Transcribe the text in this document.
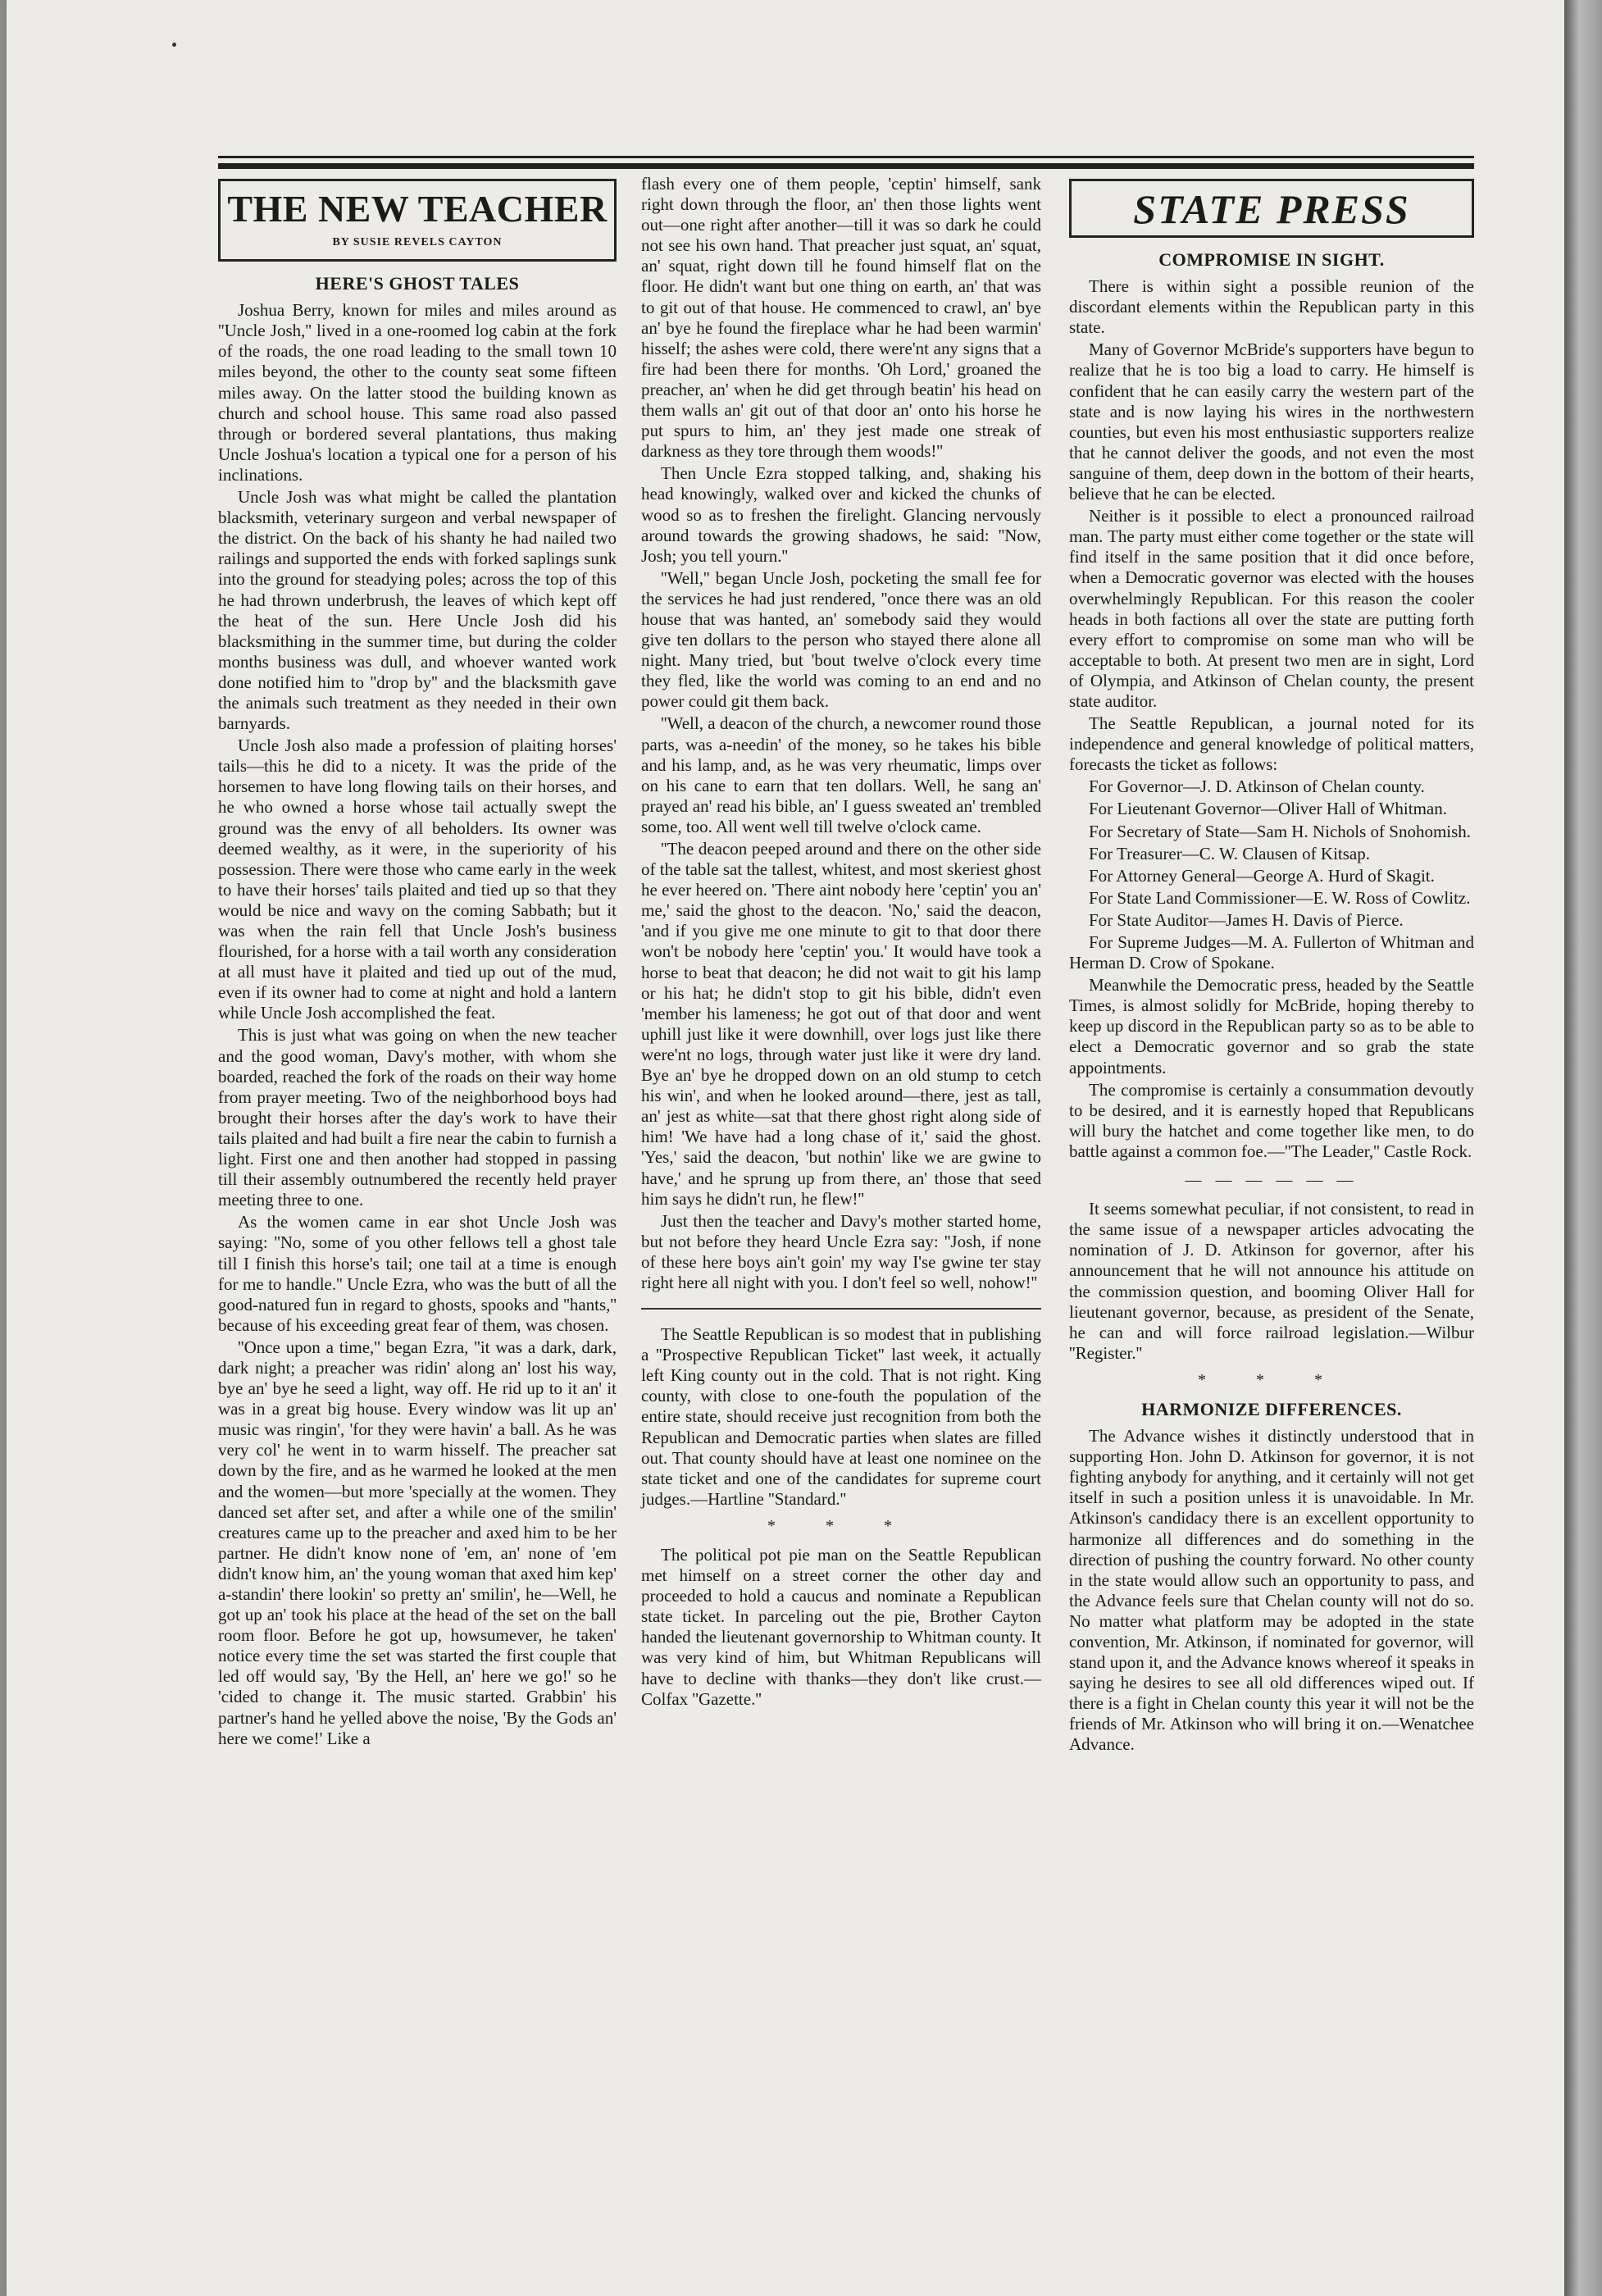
THE NEW TEACHER
BY SUSIE REVELS CAYTON
HERE'S GHOST TALES

Joshua Berry, known for miles and miles around as ''Uncle Josh,'' lived in a one-roomed log cabin at the fork of the roads, the one road leading to the small town 10 miles beyond, the other to the county seat some fifteen miles away. On the latter stood the building known as church and school house. This same road also passed through or bordered several plantations, thus making Uncle Joshua's location a typical one for a person of his inclinations.

Uncle Josh was what might be called the plantation blacksmith, veterinary surgeon and verbal newspaper of the district. On the back of his shanty he had nailed two railings and supported the ends with forked saplings sunk into the ground for steadying poles; across the top of this he had thrown underbrush, the leaves of which kept off the heat of the sun. Here Uncle Josh did his blacksmithing in the summer time, but during the colder months business was dull, and whoever wanted work done notified him to ''drop by'' and the blacksmith gave the animals such treatment as they needed in their own barnyards.

Uncle Josh also made a profession of plaiting horses' tails—this he did to a nicety. It was the pride of the horsemen to have long flowing tails on their horses, and he who owned a horse whose tail actually swept the ground was the envy of all beholders. Its owner was deemed wealthy, as it were, in the superiority of his possession. There were those who came early in the week to have their horses' tails plaited and tied up so that they would be nice and wavy on the coming Sabbath; but it was when the rain fell that Uncle Josh's business flourished, for a horse with a tail worth any consideration at all must have it plaited and tied up out of the mud, even if its owner had to come at night and hold a lantern while Uncle Josh accomplished the feat.

This is just what was going on when the new teacher and the good woman, Davy's mother, with whom she boarded, reached the fork of the roads on their way home from prayer meeting. Two of the neighborhood boys had brought their horses after the day's work to have their tails plaited and had built a fire near the cabin to furnish a light. First one and then another had stopped in passing till their assembly outnumbered the recently held prayer meeting three to one.

As the women came in ear shot Uncle Josh was saying: ''No, some of you other fellows tell a ghost tale till I finish this horse's tail; one tail at a time is enough for me to handle.'' Uncle Ezra, who was the butt of all the good-natured fun in regard to ghosts, spooks and ''hants,'' because of his exceeding great fear of them, was chosen.

''Once upon a time,'' began Ezra, ''it was a dark, dark, dark night; a preacher was ridin' along an' lost his way, bye an' bye he seed a light, way off. He rid up to it an' it was in a great big house. Every window was lit up an' music was ringin', 'for they were havin' a ball. As he was very col' he went in to warm hisself. The preacher sat down by the fire, and as he warmed he looked at the men and the women—but more 'specially at the women. They danced set after set, and after a while one of the smilin' creatures came up to the preacher and axed him to be her partner. He didn't know none of 'em, an' none of 'em didn't know him, an' the young woman that axed him kep' a-standin' there lookin' so pretty an' smilin', he—Well, he got up an' took his place at the head of the set on the ball room floor. Before he got up, howsumever, he taken' notice every time the set was started the first couple that led off would say, 'By the Hell, an' here we go!' so he 'cided to change it. The music started. Grabbin' his partner's hand he yelled above the noise, 'By the Gods an' here we come!' Like a

flash every one of them people, 'ceptin' himself, sank right down through the floor, an' then those lights went out—one right after another—till it was so dark he could not see his own hand. That preacher just squat, an' squat, an' squat, right down till he found himself flat on the floor. He didn't want but one thing on earth, an' that was to git out of that house. He commenced to crawl, an' bye an' bye he found the fireplace whar he had been warmin' hisself; the ashes were cold, there were'nt any signs that a fire had been there for months. 'Oh Lord,' groaned the preacher, an' when he did get through beatin' his head on them walls an' git out of that door an' onto his horse he put spurs to him, an' they jest made one streak of darkness as they tore through them woods!''

Then Uncle Ezra stopped talking, and, shaking his head knowingly, walked over and kicked the chunks of wood so as to freshen the firelight. Glancing nervously around towards the growing shadows, he said: ''Now, Josh; you tell yourn.''

''Well,'' began Uncle Josh, pocketing the small fee for the services he had just rendered, ''once there was an old house that was hanted, an' somebody said they would give ten dollars to the person who stayed there alone all night. Many tried, but 'bout twelve o'clock every time they fled, like the world was coming to an end and no power could git them back.

''Well, a deacon of the church, a newcomer round those parts, was a-needin' of the money, so he takes his bible and his lamp, and, as he was very rheumatic, limps over on his cane to earn that ten dollars. Well, he sang an' prayed an' read his bible, an' I guess sweated an' trembled some, too. All went well till twelve o'clock came.

''The deacon peeped around and there on the other side of the table sat the tallest, whitest, and most skeriest ghost he ever heered on. 'There aint nobody here 'ceptin' you an' me,' said the ghost to the deacon. 'No,' said the deacon, 'and if you give me one minute to git to that door there won't be nobody here 'ceptin' you.' It would have took a horse to beat that deacon; he did not wait to git his lamp or his hat; he didn't stop to git his bible, didn't even 'member his lameness; he got out of that door and went uphill just like it were downhill, over logs just like there were'nt no logs, through water just like it were dry land. Bye an' bye he dropped down on an old stump to cetch his win', and when he looked around—there, jest as tall, an' jest as white—sat that there ghost right along side of him! 'We have had a long chase of it,' said the ghost. 'Yes,' said the deacon, 'but nothin' like we are gwine to have,' and he sprung up from there, an' those that seed him says he didn't run, he flew!''

Just then the teacher and Davy's mother started home, but not before they heard Uncle Ezra say: ''Josh, if none of these here boys ain't goin' my way I'se gwine ter stay right here all night with you. I don't feel so well, nohow!''

The Seattle Republican is so modest that in publishing a ''Prospective Republican Ticket'' last week, it actually left King county out in the cold. That is not right. King county, with close to one-fouth the population of the entire state, should receive just recognition from both the Republican and Democratic parties when slates are filled out. That county should have at least one nominee on the state ticket and one of the candidates for supreme court judges.—Hartline ''Standard.''

* * *

The political pot pie man on the Seattle Republican met himself on a street corner the other day and proceeded to hold a caucus and nominate a Republican state ticket. In parceling out the pie, Brother Cayton handed the lieutenant governorship to Whitman county. It was very kind of him, but Whitman Republicans will have to decline with thanks—they don't like crust.—Colfax ''Gazette.''

STATE PRESS
COMPROMISE IN SIGHT.

There is within sight a possible reunion of the discordant elements within the Republican party in this state.

Many of Governor McBride's supporters have begun to realize that he is too big a load to carry. He himself is confident that he can easily carry the western part of the state and is now laying his wires in the northwestern counties, but even his most enthusiastic supporters realize that he cannot deliver the goods, and not even the most sanguine of them, deep down in the bottom of their hearts, believe that he can be elected.

Neither is it possible to elect a pronounced railroad man. The party must either come together or the state will find itself in the same position that it did once before, when a Democratic governor was elected with the houses overwhelmingly Republican. For this reason the cooler heads in both factions all over the state are putting forth every effort to compromise on some man who will be acceptable to both. At present two men are in sight, Lord of Olympia, and Atkinson of Chelan county, the present state auditor.

The Seattle Republican, a journal noted for its independence and general knowledge of political matters, forecasts the ticket as follows:

For Governor—J. D. Atkinson of Chelan county.

For Lieutenant Governor—Oliver Hall of Whitman.

For Secretary of State—Sam H. Nichols of Snohomish.

For Treasurer—C. W. Clausen of Kitsap.

For Attorney General—George A. Hurd of Skagit.

For State Land Commissioner—E. W. Ross of Cowlitz.

For State Auditor—James H. Davis of Pierce.

For Supreme Judges—M. A. Fullerton of Whitman and Herman D. Crow of Spokane.

Meanwhile the Democratic press, headed by the Seattle Times, is almost solidly for McBride, hoping thereby to keep up discord in the Republican party so as to be able to elect a Democratic governor and so grab the state appointments.

The compromise is certainly a consummation devoutly to be desired, and it is earnestly hoped that Republicans will bury the hatchet and come together like men, to do battle against a common foe.—''The Leader,'' Castle Rock.

— — — — — —

It seems somewhat peculiar, if not consistent, to read in the same issue of a newspaper articles advocating the nomination of J. D. Atkinson for governor, after his announcement that he will not announce his attitude on the commission question, and booming Oliver Hall for lieutenant governor, because, as president of the Senate, he can and will force railroad legislation.—Wilbur ''Register.''

* * *
HARMONIZE DIFFERENCES.

The Advance wishes it distinctly understood that in supporting Hon. John D. Atkinson for governor, it is not fighting anybody for anything, and it certainly will not get itself in such a position unless it is unavoidable. In Mr. Atkinson's candidacy there is an excellent opportunity to harmonize all differences and do something in the direction of pushing the country forward. No other county in the state would allow such an opportunity to pass, and the Advance feels sure that Chelan county will not do so. No matter what platform may be adopted in the state convention, Mr. Atkinson, if nominated for governor, will stand upon it, and the Advance knows whereof it speaks in saying he desires to see all old differences wiped out. If there is a fight in Chelan county this year it will not be the friends of Mr. Atkinson who will bring it on.—Wenatchee Advance.
